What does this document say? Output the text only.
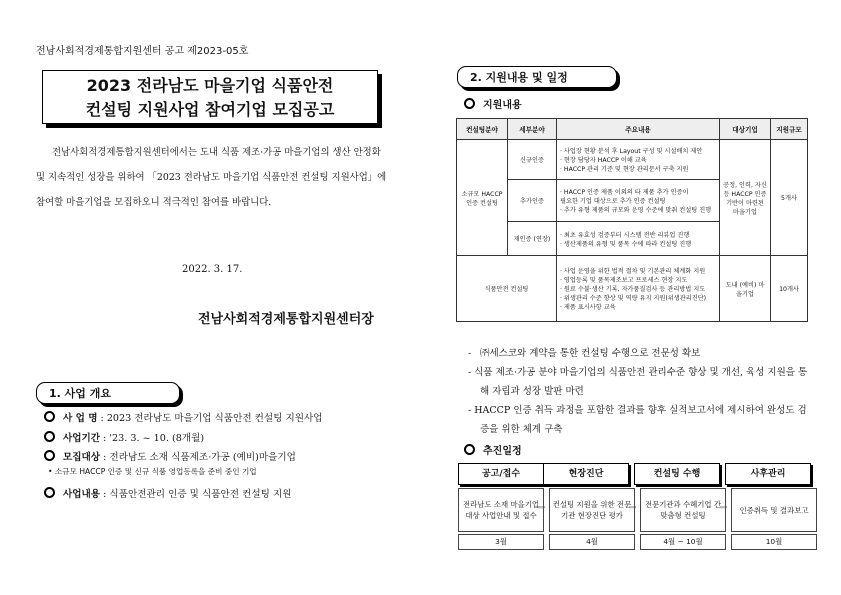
전남사회적경제통합지원센터 공고 제2023-05호
2023 전라남도 마을기업 식품안전
컨설팅 지원사업 참여기업 모집공고
전남사회적경제통합지원센터에서는 도내 식품 제조·가공 마을기업의 생산 안정화 및 지속적인 성장을 위하여 「2023 전라남도 마을기업 식품안전 컨설팅 지원사업」에 참여할 마을기업을 모집하오니 적극적인 참여를 바랍니다.
2022. 3. 17.
전남사회적경제통합지원센터장
1. 사업 개요
사 업 명 : 2023 전라남도 마을기업 식품안전 컨설팅 지원사업
사업기간 : '23. 3. ~ 10. (8개월)
모집대상 : 전라남도 소재 식품제조·가공 (예비)마을기업
• 소규모 HACCP 인증 및 신규 식품 영업등록을 준비 중인 기업
사업내용 : 식품안전관리 인증 및 식품안전 컨설팅 지원
2. 지원내용 및 일정
지원내용
컨설팅분야	세부분야	주요내용	대상기업	지원규모
소규모 HACCP 인증 컨설팅	신규인증	· 사업장 현황 분석 후 Layout 구성 및 시설배치 제안
· 현장 담당자 HACCP 이해 교육
· HACCP 관리 기준 및 현장 관리문서 구축 지원	공정, 인력, 자신 등 HACCP 인증 기반이 마련된 마을기업	5개사
	추가인증	· HACCP 인증 제품 이외의 타 제품 추가 인증이
필요한 기업 대상으로 추가 인증 컨설팅
· 추가 유형 제품의 규모와 운영 수준에 맞춰 컨설팅 진행		

	재인증 (연장)	· 최초 유효성 검증부터 시스템 전반 리뷰업 진행
· 생산제품의 유형 및 품목 수에 따라 컨설팅 진행		

식품안전 컨설팅		· 사업 운영을 위한 법적 절차 및 기본관리 체계화 지원
· 영업등록 및 품목제조보고 프로세스 현장 지도
· 원료 수불·생산 기록, 자가품질검사 등 관리방법 지도
· 위생관리 수준 향상 및 역량 유지 지원(위생관리진단)
· 제품 표시사항 교육	도내 (예비) 마을기업	10개사
- ㈜세스코와 계약을 통한 컨설팅 수행으로 전문성 확보
- 식품 제조·가공 분야 마을기업의 식품안전 관리수준 향상 및 개선, 육성 지원을 통해 자립과 성장 발판 마련
- HACCP 인증 취득 과정을 포함한 결과를 향후 실적보고서에 제시하여 완성도 검증을 위한 체계 구축
추진일정
공고/접수	현장진단	컨설팅 수행	사후관리
전라남도 소재 마을기업 대상 사업안내 및 접수
컨설팅 지원을 위한 전문기관 현장진단 평가
전문기관과 수혜기업 간 맞춤형 컨설팅
인증취득 및 결과보고
⇨	⇨	⇨
3월	4월	4월 ~ 10월	10월
